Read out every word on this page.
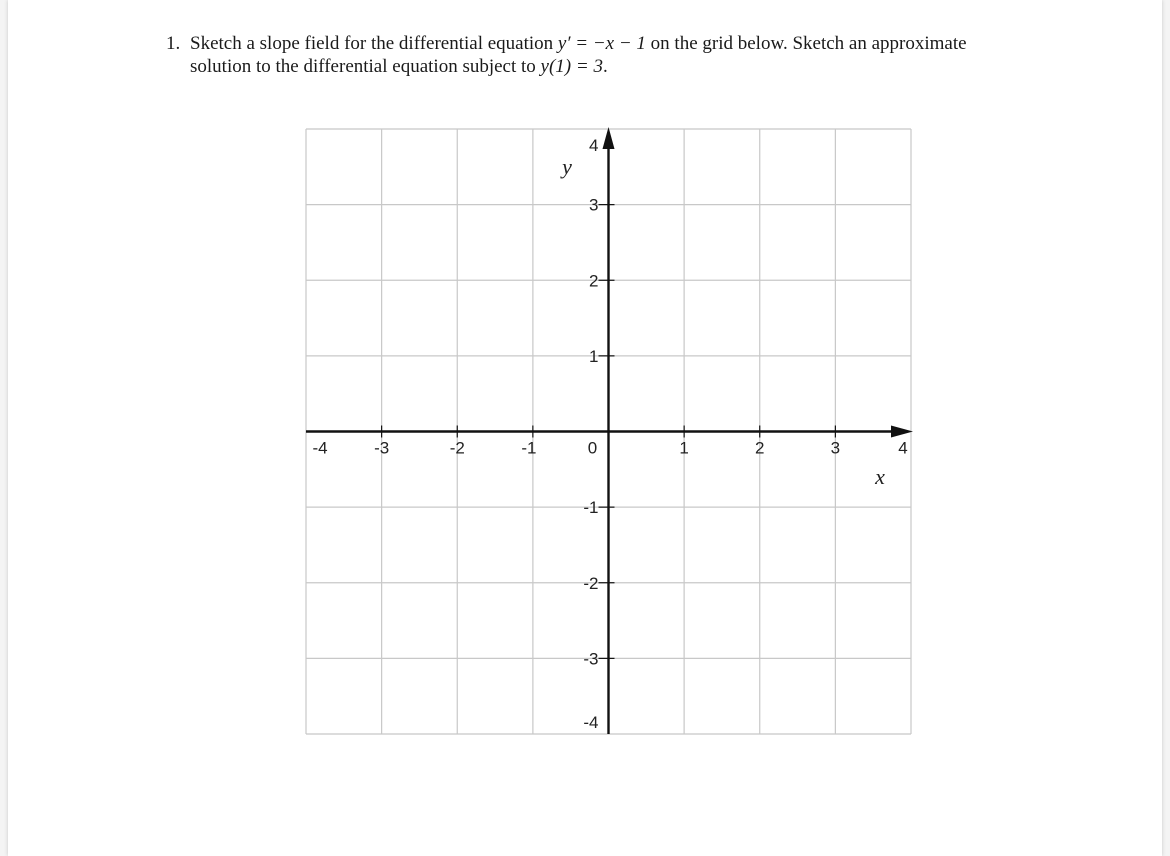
1. Sketch a slope field for the differential equation y′ = −x − 1 on the grid below. Sketch an approximate
solution to the differential equation subject to y(1) = 3.
-4	-3	-2	-1	0	1	2	3	4
4
3
2
1
-1
-2
-3
-4
x
y
